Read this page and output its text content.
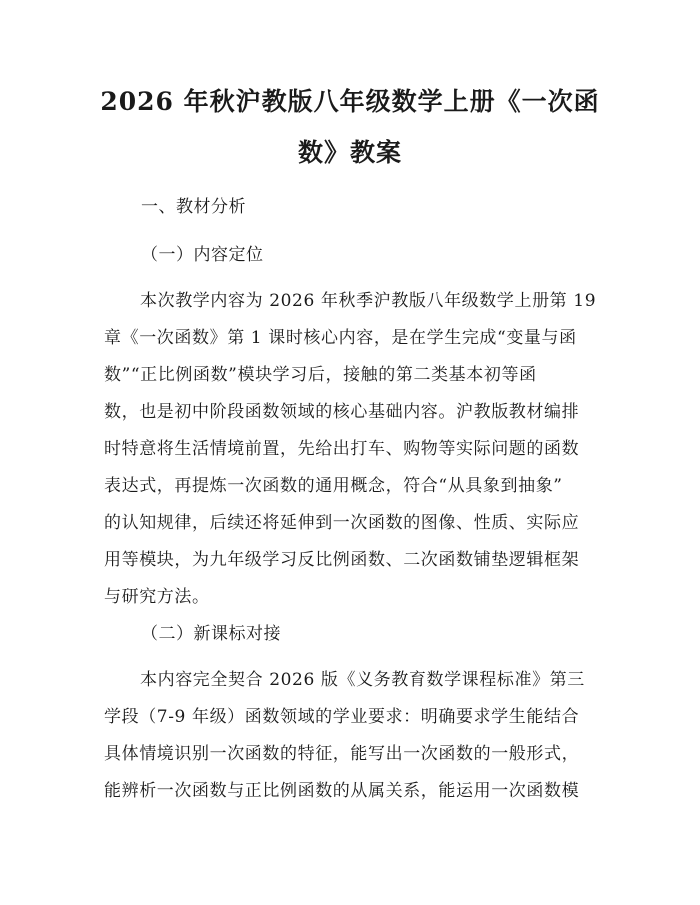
2026 年秋沪教版八年级数学上册《一次函
数》教案
一、教材分析
（一）内容定位
本次教学内容为 2026 年秋季沪教版八年级数学上册第 19
章《一次函数》第 1 课时核心内容，是在学生完成“变量与函
数”“正比例函数”模块学习后，接触的第二类基本初等函
数，也是初中阶段函数领域的核心基础内容。沪教版教材编排
时特意将生活情境前置，先给出打车、购物等实际问题的函数
表达式，再提炼一次函数的通用概念，符合“从具象到抽象”
的认知规律，后续还将延伸到一次函数的图像、性质、实际应
用等模块，为九年级学习反比例函数、二次函数铺垫逻辑框架
与研究方法。
（二）新课标对接
本内容完全契合 2026 版《义务教育数学课程标准》第三
学段（7-9 年级）函数领域的学业要求：明确要求学生能结合
具体情境识别一次函数的特征，能写出一次函数的一般形式，
能辨析一次函数与正比例函数的从属关系，能运用一次函数模
